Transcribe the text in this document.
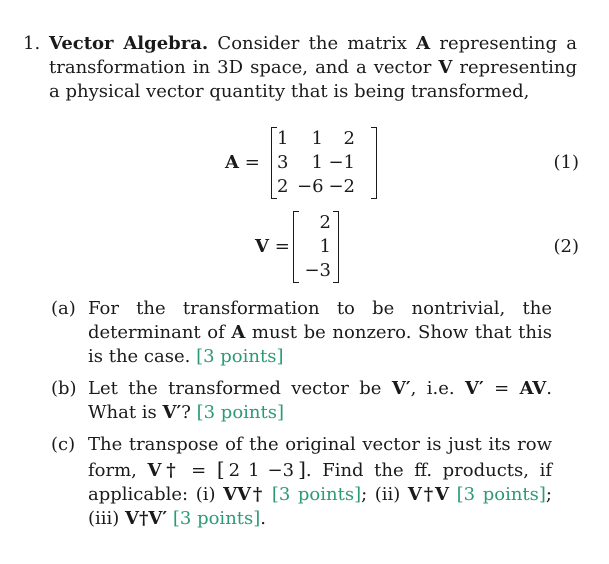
1. Vector Algebra. Consider the matrix A representing a transformation in 3D space, and a vector V representing a physical vector quantity that is being transformed,
A =
1	1	2
3	1 −1
2 −6 −2
(1)
V =
2
1
−3
(2)
(a) For the transformation to be nontrivial, the determinant of A must be nonzero. Show that this is the case. [3 points]
(b) Let the transformed vector be V′, i.e. V′ = AV. What is V′? [3 points]
(c) The transpose of the original vector is just its row form, V† = [ 2 1 −3 ]. Find the ff. products, if applicable: (i) VV† [3 points]; (ii) V†V [3 points]; (iii) V†V′ [3 points].
